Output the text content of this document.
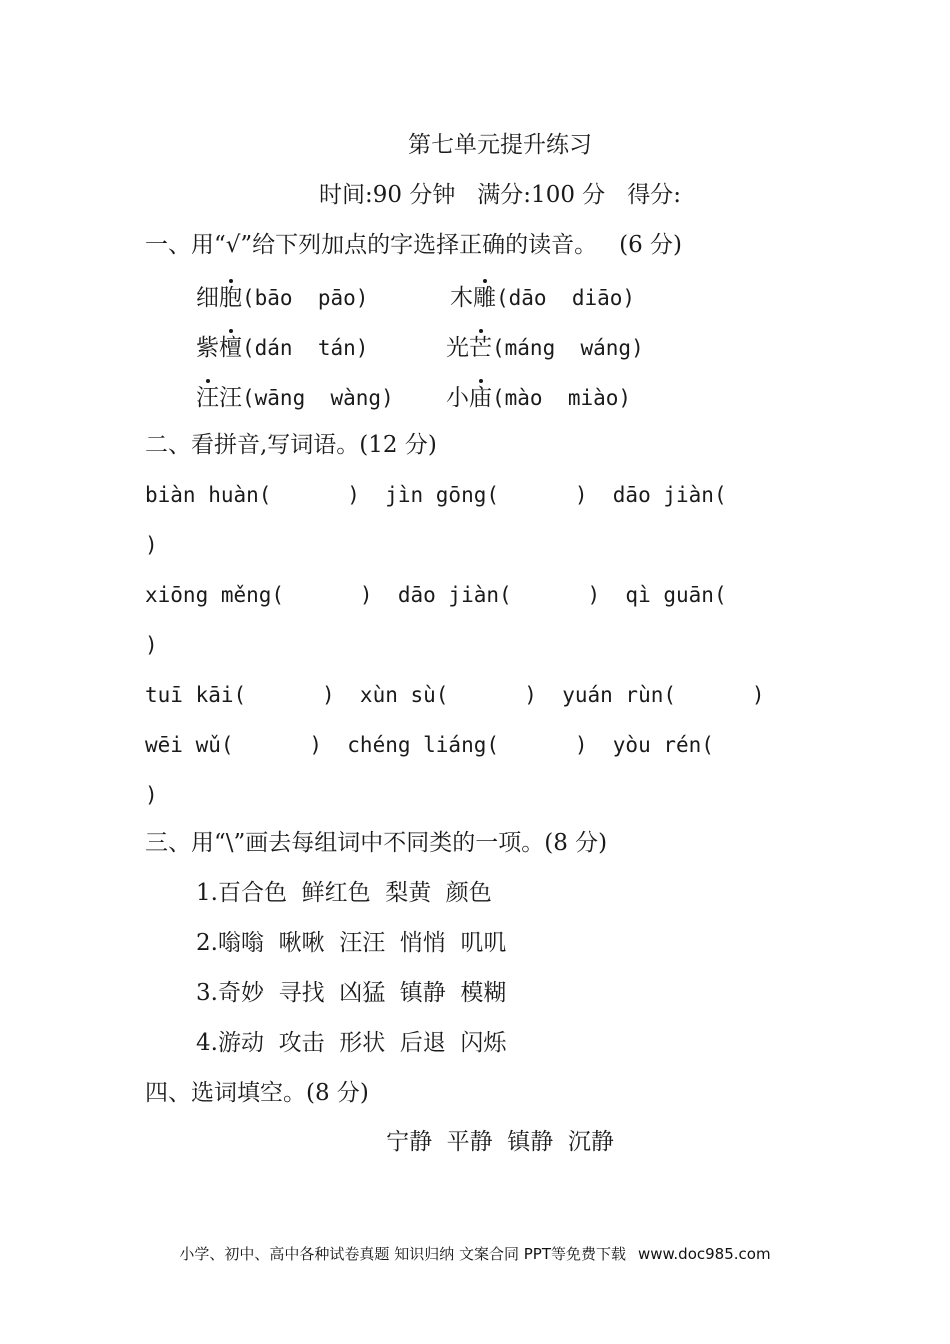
第七单元提升练习
时间:90 分钟   满分:100 分   得分:
一、用“√”给下列加点的字选择正确的读音。   (6 分)
细胞(bāo  pāo)	木雕(dāo  diāo)
紫檀(dán  tán)	光芒(máng  wáng)
汪汪(wāng  wàng) 小庙(mào  miào)
二、看拼音,写词语。(12 分)
biàn huàn(      )  jìn gōng(      )  dāo jiàn(
)
xiōng měng(      )  dāo jiàn(      )  qì guān(
)
tuī kāi(      )  xùn sù(      )  yuán rùn(      )
wēi wǔ(      )  chéng liáng(      )  yòu rén(
)
三、用“\”画去每组词中不同类的一项。(8 分)
1.百合色  鲜红色  梨黄  颜色
2.嗡嗡  啾啾  汪汪  悄悄  叽叽
3.奇妙  寻找  凶猛  镇静  模糊
4.游动  攻击  形状  后退  闪烁
四、选词填空。(8 分)
宁静  平静  镇静  沉静
小学、初中、高中各种试卷真题 知识归纳 文案合同 PPT等免费下载 www.doc985.com
